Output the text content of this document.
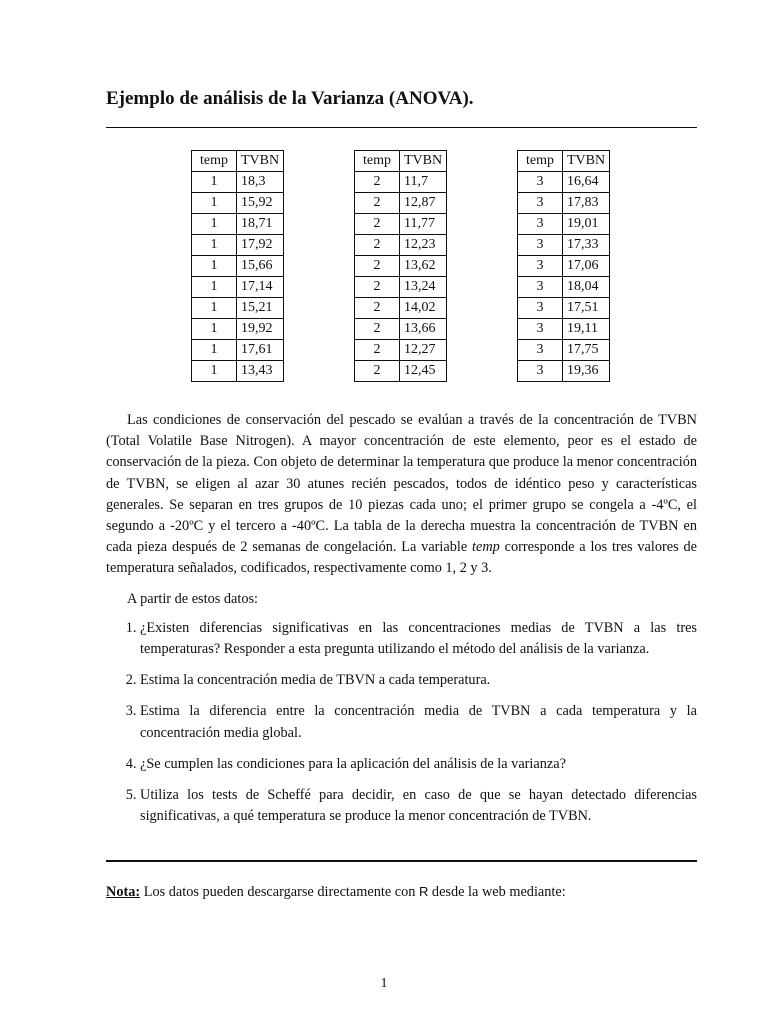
Ejemplo de análisis de la Varianza (ANOVA).
temp	TVBN
1	18,3
1	15,92
1	18,71
1	17,92
1	15,66
1	17,14
1	15,21
1	19,92
1	17,61
1	13,43
temp	TVBN
2	11,7
2	12,87
2	11,77
2	12,23
2	13,62
2	13,24
2	14,02
2	13,66
2	12,27
2	12,45
temp	TVBN
3	16,64
3	17,83
3	19,01
3	17,33
3	17,06
3	18,04
3	17,51
3	19,11
3	17,75
3	19,36

Las condiciones de conservación del pescado se evalúan a través de la concentración de TVBN (Total Volatile Base Nitrogen). A mayor concentración de este elemento, peor es el estado de conservación de la pieza. Con objeto de determinar la temperatura que produce la menor concentración de TVBN, se eligen al azar 30 atunes recién pescados, todos de idéntico peso y características generales. Se separan en tres grupos de 10 piezas cada uno; el primer grupo se congela a -4ºC, el segundo a -20ºC y el tercero a -40ºC. La tabla de la derecha muestra la concentración de TVBN en cada pieza después de 2 semanas de congelación. La variable temp corresponde a los tres valores de temperatura señalados, codificados, respectivamente como 1, 2 y 3.

A partir de estos datos:

1. ¿Existen diferencias significativas en las concentraciones medias de TVBN a las tres temperaturas? Responder a esta pregunta utilizando el método del análisis de la varianza.
2. Estima la concentración media de TBVN a cada temperatura.
3. Estima la diferencia entre la concentración media de TVBN a cada temperatura y la concentración media global.
4. ¿Se cumplen las condiciones para la aplicación del análisis de la varianza?
5. Utiliza los tests de Scheffé para decidir, en caso de que se hayan detectado diferencias significativas, a qué temperatura se produce la menor concentración de TVBN.
Nota: Los datos pueden descargarse directamente con R desde la web mediante:
1
